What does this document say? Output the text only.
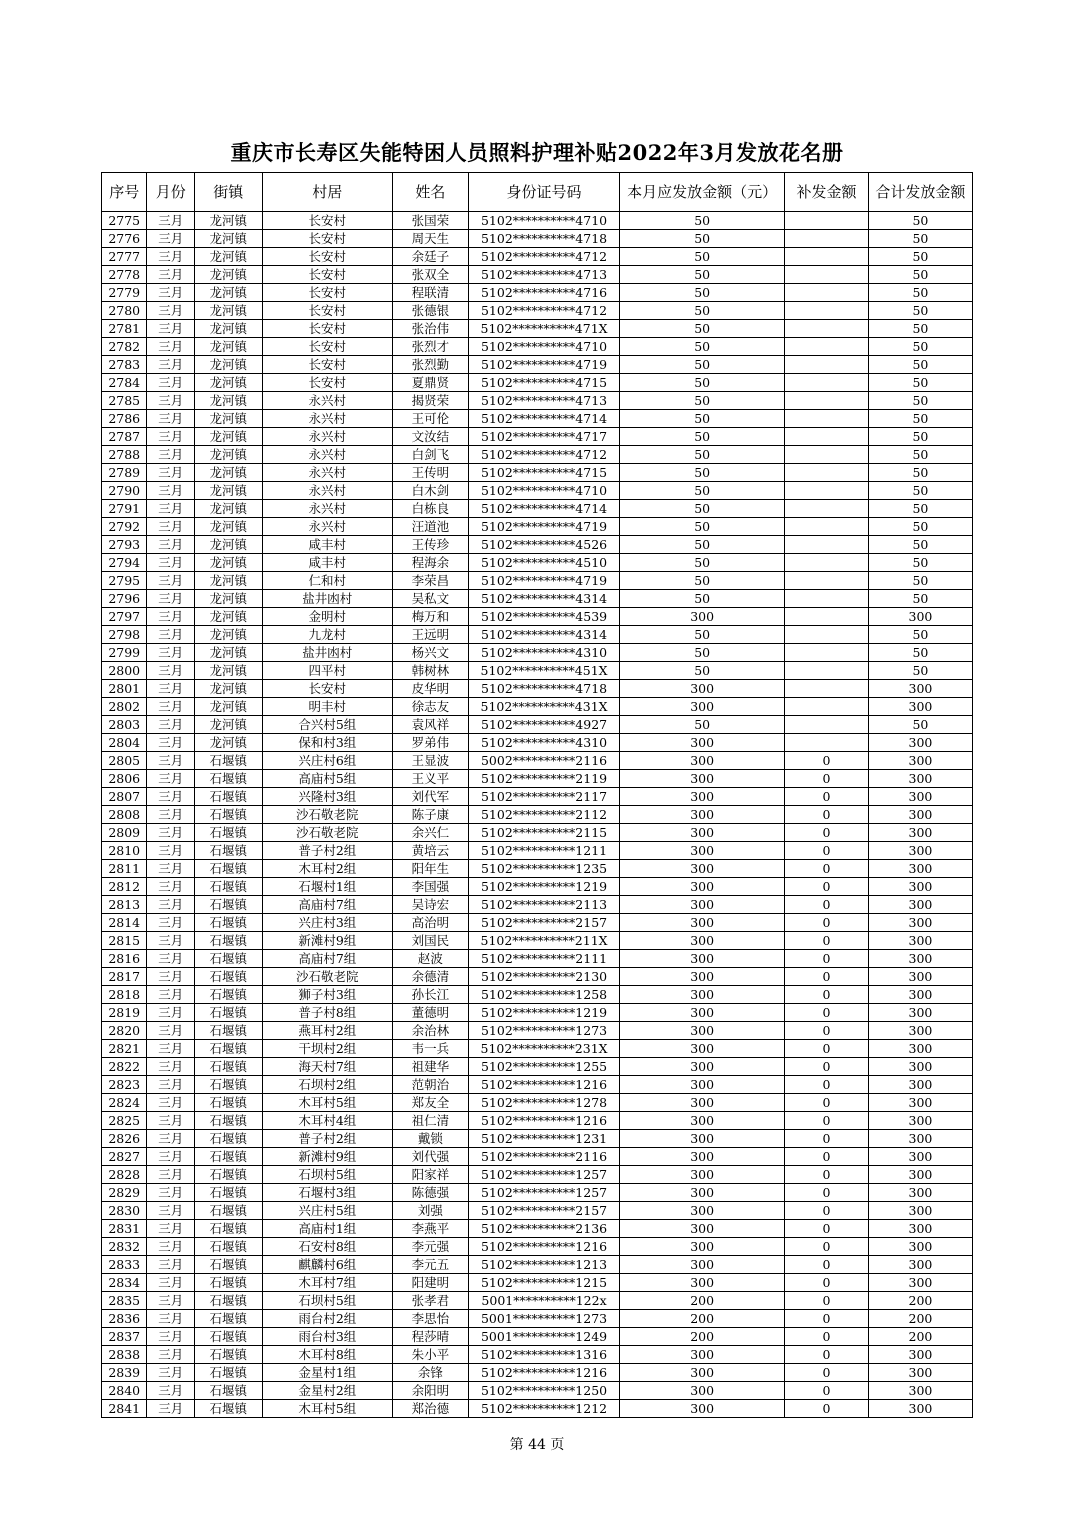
重庆市长寿区失能特困人员照料护理补贴2022年3月发放花名册
序号	月份	街镇	村居	姓名	身份证号码	本月应发放金额（元）	补发金额	合计发放金额
2775	三月	龙河镇	长安村	张国荣	5102**********4710	50		50
2776	三月	龙河镇	长安村	周天生	5102**********4718	50		50
2777	三月	龙河镇	长安村	余廷子	5102**********4712	50		50
2778	三月	龙河镇	长安村	张双全	5102**********4713	50		50
2779	三月	龙河镇	长安村	程联清	5102**********4716	50		50
2780	三月	龙河镇	长安村	张德银	5102**********4712	50		50
2781	三月	龙河镇	长安村	张治伟	5102**********471X	50		50
2782	三月	龙河镇	长安村	张烈才	5102**********4710	50		50
2783	三月	龙河镇	长安村	张烈勤	5102**********4719	50		50
2784	三月	龙河镇	长安村	夏鼎贤	5102**********4715	50		50
2785	三月	龙河镇	永兴村	揭贤荣	5102**********4713	50		50
2786	三月	龙河镇	永兴村	王可伦	5102**********4714	50		50
2787	三月	龙河镇	永兴村	文汝结	5102**********4717	50		50
2788	三月	龙河镇	永兴村	白剑飞	5102**********4712	50		50
2789	三月	龙河镇	永兴村	王传明	5102**********4715	50		50
2790	三月	龙河镇	永兴村	白木剑	5102**********4710	50		50
2791	三月	龙河镇	永兴村	白栋良	5102**********4714	50		50
2792	三月	龙河镇	永兴村	汪道池	5102**********4719	50		50
2793	三月	龙河镇	咸丰村	王传珍	5102**********4526	50		50
2794	三月	龙河镇	咸丰村	程海余	5102**********4510	50		50
2795	三月	龙河镇	仁和村	李荣昌	5102**********4719	50		50
2796	三月	龙河镇	盐井凼村	吴私文	5102**********4314	50		50
2797	三月	龙河镇	金明村	梅万和	5102**********4539	300		300
2798	三月	龙河镇	九龙村	王远明	5102**********4314	50		50
2799	三月	龙河镇	盐井凼村	杨兴文	5102**********4310	50		50
2800	三月	龙河镇	四平村	韩树林	5102**********451X	50		50
2801	三月	龙河镇	长安村	皮华明	5102**********4718	300		300
2802	三月	龙河镇	明丰村	徐志友	5102**********431X	300		300
2803	三月	龙河镇	合兴村5组	袁风祥	5102**********4927	50		50
2804	三月	龙河镇	保和村3组	罗弟伟	5102**********4310	300		300
2805	三月	石堰镇	兴庄村6组	王显波	5002**********2116	300	0	300
2806	三月	石堰镇	高庙村5组	王义平	5102**********2119	300	0	300
2807	三月	石堰镇	兴隆村3组	刘代军	5102**********2117	300	0	300
2808	三月	石堰镇	沙石敬老院	陈子康	5102**********2112	300	0	300
2809	三月	石堰镇	沙石敬老院	余兴仁	5102**********2115	300	0	300
2810	三月	石堰镇	普子村2组	黄培云	5102**********1211	300	0	300
2811	三月	石堰镇	木耳村2组	阳年生	5102**********1235	300	0	300
2812	三月	石堰镇	石堰村1组	李国强	5102**********1219	300	0	300
2813	三月	石堰镇	高庙村7组	吴诗宏	5102**********2113	300	0	300
2814	三月	石堰镇	兴庄村3组	高治明	5102**********2157	300	0	300
2815	三月	石堰镇	新滩村9组	刘国民	5102**********211X	300	0	300
2816	三月	石堰镇	高庙村7组	赵波	5102**********2111	300	0	300
2817	三月	石堰镇	沙石敬老院	余德清	5102**********2130	300	0	300
2818	三月	石堰镇	狮子村3组	孙长江	5102**********1258	300	0	300
2819	三月	石堰镇	普子村8组	董德明	5102**********1219	300	0	300
2820	三月	石堰镇	燕耳村2组	余治林	5102**********1273	300	0	300
2821	三月	石堰镇	干坝村2组	韦一兵	5102**********231X	300	0	300
2822	三月	石堰镇	海天村7组	祖建华	5102**********1255	300	0	300
2823	三月	石堰镇	石坝村2组	范朝治	5102**********1216	300	0	300
2824	三月	石堰镇	木耳村5组	郑友全	5102**********1278	300	0	300
2825	三月	石堰镇	木耳村4组	祖仁清	5102**********1216	300	0	300
2826	三月	石堰镇	普子村2组	戴锁	5102**********1231	300	0	300
2827	三月	石堰镇	新滩村9组	刘代强	5102**********2116	300	0	300
2828	三月	石堰镇	石坝村5组	阳家祥	5102**********1257	300	0	300
2829	三月	石堰镇	石堰村3组	陈德强	5102**********1257	300	0	300
2830	三月	石堰镇	兴庄村5组	刘强	5102**********2157	300	0	300
2831	三月	石堰镇	高庙村1组	李燕平	5102**********2136	300	0	300
2832	三月	石堰镇	石安村8组	李元强	5102**********1216	300	0	300
2833	三月	石堰镇	麒麟村6组	李元五	5102**********1213	300	0	300
2834	三月	石堰镇	木耳村7组	阳建明	5102**********1215	300	0	300
2835	三月	石堰镇	石坝村5组	张孝君	5001**********122x	200	0	200
2836	三月	石堰镇	雨台村2组	李思怡	5001**********1273	200	0	200
2837	三月	石堰镇	雨台村3组	程莎晴	5001**********1249	200	0	200
2838	三月	石堰镇	木耳村8组	朱小平	5102**********1316	300	0	300
2839	三月	石堰镇	金星村1组	余锋	5102**********1216	300	0	300
2840	三月	石堰镇	金星村2组	余阳明	5102**********1250	300	0	300
2841	三月	石堰镇	木耳村5组	郑治德	5102**********1212	300	0	300
第 44 页
